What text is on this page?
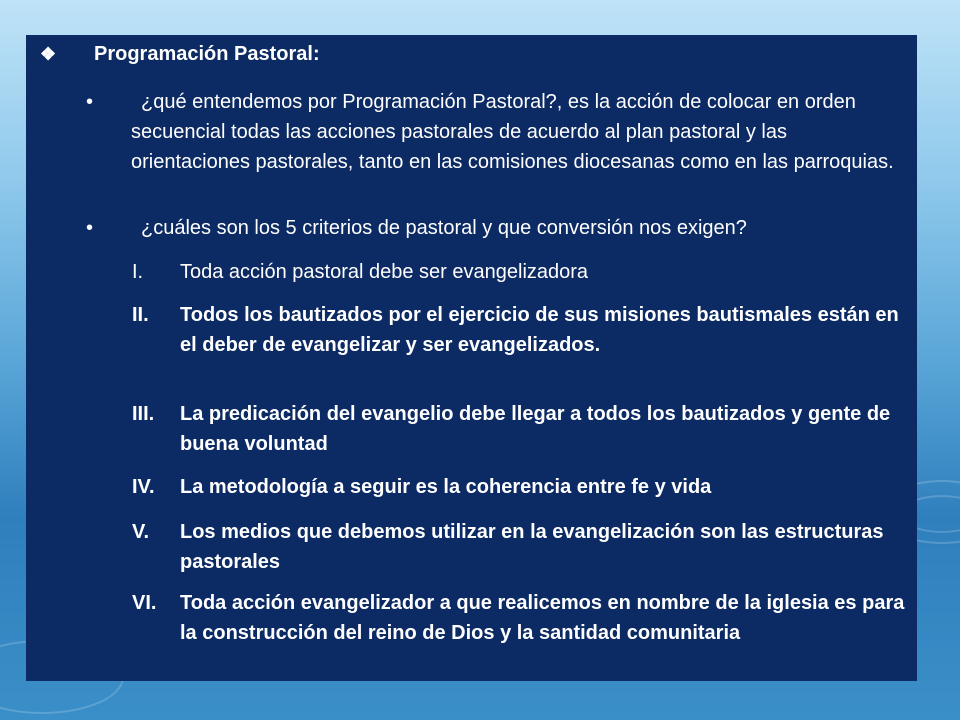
❖	Programación Pastoral:
•	¿qué entendemos por Programación Pastoral?, es la acción de colocar en orden secuencial todas las acciones pastorales de acuerdo al plan pastoral y las orientaciones pastorales, tanto en las comisiones diocesanas como en las parroquias.
•	¿cuáles son los 5 criterios de pastoral y que conversión nos exigen?
I.	Toda acción pastoral debe ser evangelizadora
II.	Todos los bautizados por el ejercicio de sus misiones bautismales están en el deber de evangelizar y ser evangelizados.
III.	La predicación del evangelio debe llegar a todos los bautizados y gente de buena voluntad
IV.	La metodología a seguir es la coherencia entre fe y vida
V.	Los medios que debemos utilizar en la evangelización son las estructuras pastorales
VI.	Toda acción evangelizador a que realicemos en nombre de la iglesia es para la construcción del reino de Dios y la santidad comunitaria
